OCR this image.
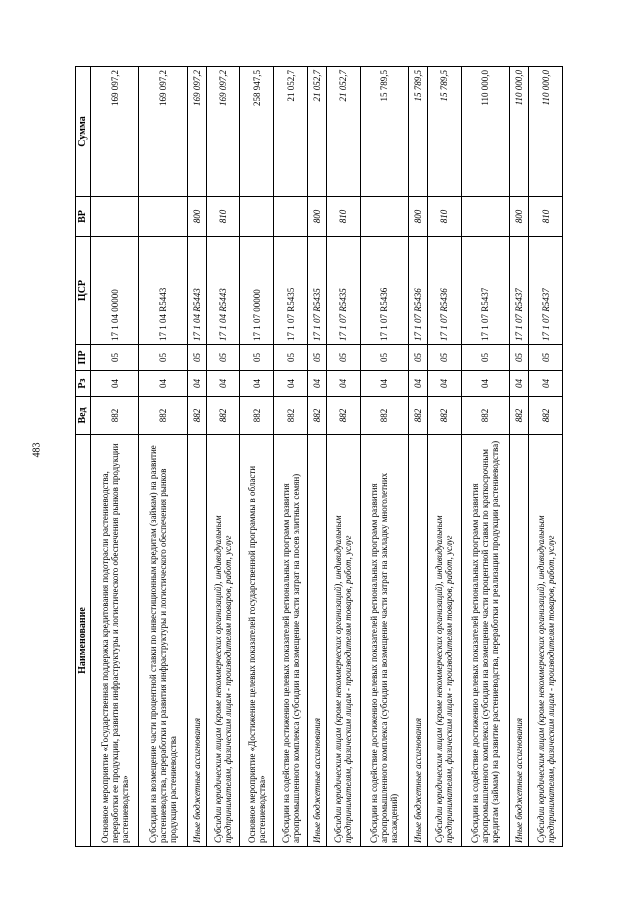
483
Наименование	Вед	Рз	ПР	ЦСР	ВР	Сумма
Основное мероприятие «Государственная поддержка кредитования подотрасли растениеводства, переработки ее продукции, развития инфраструктуры и логистического обеспечения рынков продукции растениеводства»	882	04	05	17 1 04 00000		169 097,2
Субсидии на возмещение части процентной ставки по инвестиционным кредитам (займам) на развитие растениеводства, переработки и развития инфраструктуры и логистического обеспечения рынков продукции растениеводства	882	04	05	17 1 04 R5443		169 097,2
Иные бюджетные ассигнования	882	04	05	17 1 04 R5443	800	169 097,2
Субсидии юридическим лицам (кроме некоммерческих организаций), индивидуальным предпринимателям, физическим лицам - производителям товаров, работ, услуг	882	04	05	17 1 04 R5443	810	169 097,2
Основное мероприятие «Достижение целевых показателей государственной программы в области растениеводства»	882	04	05	17 1 07 00000		258 947,5
Субсидии на содействие достижению целевых показателей региональных программ развития агропромышленного комплекса (субсидии на возмещение части затрат на посев элитных семян)	882	04	05	17 1 07 R5435		21 052,7
Иные бюджетные ассигнования	882	04	05	17 1 07 R5435	800	21 052,7
Субсидии юридическим лицам (кроме некоммерческих организаций), индивидуальным предпринимателям, физическим лицам - производителям товаров, работ, услуг	882	04	05	17 1 07 R5435	810	21 052,7
Субсидии на содействие достижению целевых показателей региональных программ развития агропромышленного комплекса (субсидии на возмещение части затрат на закладку многолетних насаждений)	882	04	05	17 1 07 R5436		15 789,5
Иные бюджетные ассигнования	882	04	05	17 1 07 R5436	800	15 789,5
Субсидии юридическим лицам (кроме некоммерческих организаций), индивидуальным предпринимателям, физическим лицам - производителям товаров, работ, услуг	882	04	05	17 1 07 R5436	810	15 789,5
Субсидии на содействие достижению целевых показателей региональных программ развития агропромышленного комплекса (субсидии на возмещение части процентной ставки по краткосрочным кредитам (займам) на развитие растениеводства, переработки и реализации продукции растениеводства)	882	04	05	17 1 07 R5437		110 000,0
Иные бюджетные ассигнования	882	04	05	17 1 07 R5437	800	110 000,0
Субсидии юридическим лицам (кроме некоммерческих организаций), индивидуальным предпринимателям, физическим лицам - производителям товаров, работ, услуг	882	04	05	17 1 07 R5437	810	110 000,0
